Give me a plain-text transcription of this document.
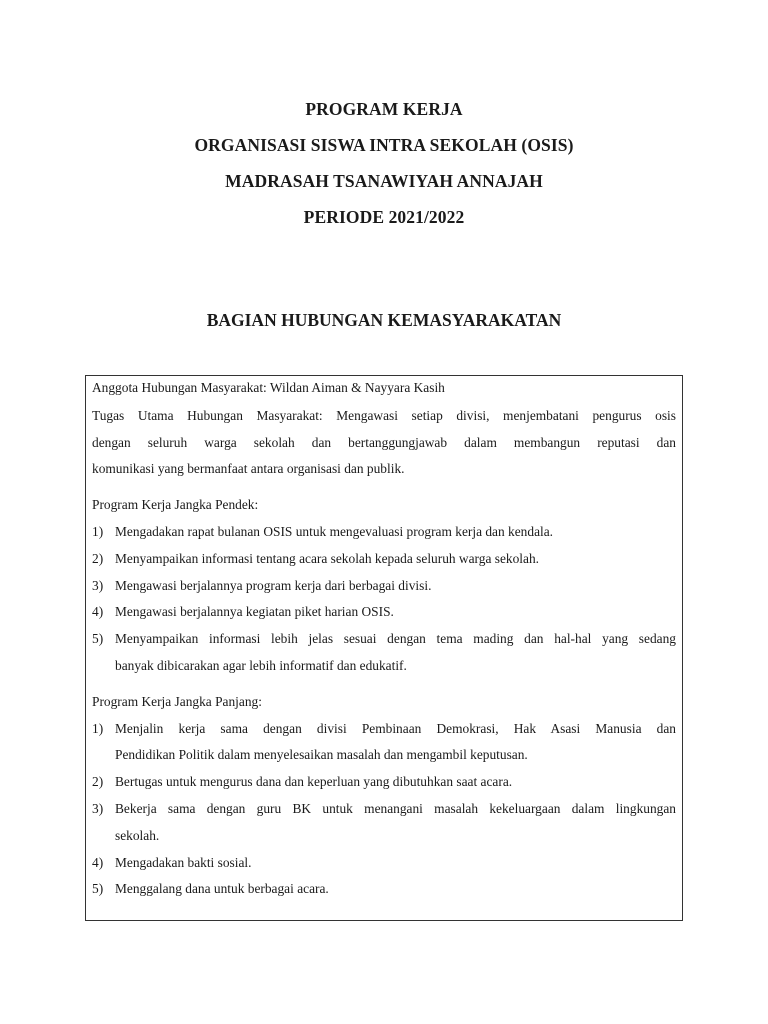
PROGRAM KERJA
ORGANISASI SISWA INTRA SEKOLAH (OSIS)
MADRASAH TSANAWIYAH ANNAJAH
PERIODE 2021/2022
BAGIAN HUBUNGAN KEMASYARAKATAN
Anggota Hubungan Masyarakat: Wildan Aiman & Nayyara Kasih
Tugas Utama Hubungan Masyarakat: Mengawasi setiap divisi, menjembatani pengurus osis
dengan seluruh warga sekolah dan bertanggungjawab dalam membangun reputasi dan
komunikasi yang bermanfaat antara organisasi dan publik.
Program Kerja Jangka Pendek:
1) Mengadakan rapat bulanan OSIS untuk mengevaluasi program kerja dan kendala.
2) Menyampaikan informasi tentang acara sekolah kepada seluruh warga sekolah.
3) Mengawasi berjalannya program kerja dari berbagai divisi.
4) Mengawasi berjalannya kegiatan piket harian OSIS.
5) Menyampaikan informasi lebih jelas sesuai dengan tema mading dan hal-hal yang sedang
banyak dibicarakan agar lebih informatif dan edukatif.
Program Kerja Jangka Panjang:
1) Menjalin kerja sama dengan divisi Pembinaan Demokrasi, Hak Asasi Manusia dan
Pendidikan Politik dalam menyelesaikan masalah dan mengambil keputusan.
2) Bertugas untuk mengurus dana dan keperluan yang dibutuhkan saat acara.
3) Bekerja sama dengan guru BK untuk menangani masalah kekeluargaan dalam lingkungan
sekolah.
4) Mengadakan bakti sosial.
5) Menggalang dana untuk berbagai acara.
